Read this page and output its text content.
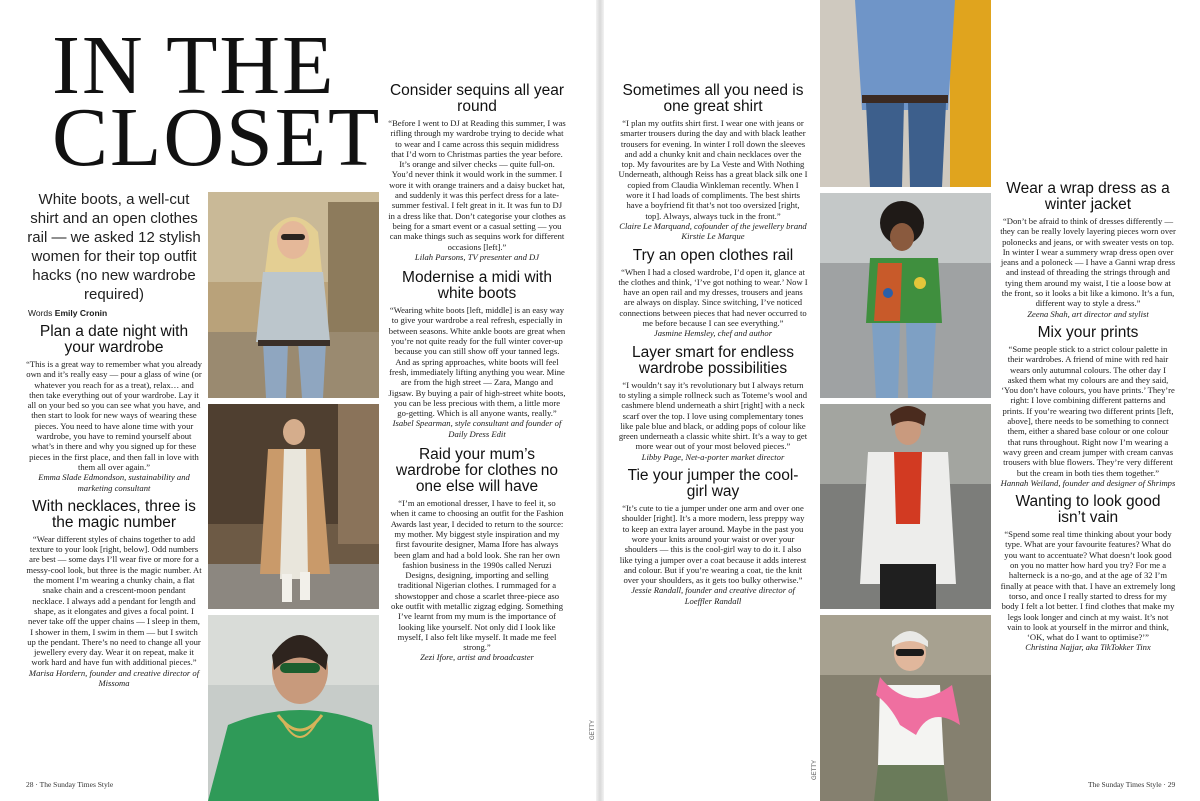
IN THE
CLOSET
White boots, a well-cut shirt and an open clothes rail — we asked 12 stylish women for their top outfit hacks (no new wardrobe required)
Words Emily Cronin
Plan a date night with your wardrobe

“This is a great way to remember what you already own and it’s really easy — pour a glass of wine (or whatever you reach for as a treat), relax… and then take everything out of your wardrobe. Lay it all on your bed so you can see what you have, and then start to look for new ways of wearing these pieces. You need to have alone time with your wardrobe, you have to remind yourself about what’s in there and why you signed up for these pieces in the first place, and then fall in love with them all over again.”

Emma Slade Edmondson, sustainability and marketing consultant

With necklaces, three is the magic number

“Wear different styles of chains together to add texture to your look [right, below]. Odd numbers are best — some days I’ll wear five or more for a messy-cool look, but three is the magic number. At the moment I’m wearing a chunky chain, a flat snake chain and a crescent-moon pendant necklace. I always add a pendant for length and shape, as it elongates and gives a focal point. I never take off the upper chains — I sleep in them, I shower in them, I swim in them — but I switch up the pendant. There’s no need to change all your jewellery every day. Wear it on repeat, make it work hard and have fun with additional pieces.”

Marisa Hordern, founder and creative director of Missoma

Consider sequins all year round

“Before I went to DJ at Reading this summer, I was rifling through my wardrobe trying to decide what to wear and I came across this sequin mididress that I’d worn to Christmas parties the year before. It’s orange and silver checks — quite full-on. You’d never think it would work in the summer. I wore it with orange trainers and a daisy bucket hat, and suddenly it was this perfect dress for a late-summer festival. I felt great in it. It was fun to DJ in a dress like that. Don’t categorise your clothes as being for a smart event or a casual setting — you can make things such as sequins work for different occasions [left].”

Lilah Parsons, TV presenter and DJ

Modernise a midi with white boots

“Wearing white boots [left, middle] is an easy way to give your wardrobe a real refresh, especially in between seasons. White ankle boots are great when you’re not quite ready for the full winter cover-up because you can still show off your tanned legs. And as spring approaches, white boots will feel fresh, immediately lifting anything you wear. Mine are from the high street — Zara, Mango and Jigsaw. By buying a pair of high-street white boots, you can be less precious with them, a little more go-getting. Which is all anyone wants, really.”

Isabel Spearman, style consultant and founder of Daily Dress Edit

Raid your mum’s wardrobe for clothes no one else will have

“I’m an emotional dresser, I have to feel it, so when it came to choosing an outfit for the Fashion Awards last year, I decided to return to the source: my mother. My biggest style inspiration and my first favourite designer, Mama Ifore has always been glam and had a bold look. She ran her own fashion business in the 1990s called Neruzi Designs, designing, importing and selling traditional Nigerian clothes. I rummaged for a showstopper and chose a scarlet three-piece aso oke outfit with metallic zigzag edging. Something I’ve learnt from my mum is the importance of looking like yourself. Not only did I look like myself, I also felt like myself. It made me feel strong.”

Zezi Ifore, artist and broadcaster

GETTY
Sometimes all you need is one great shirt

“I plan my outfits shirt first. I wear one with jeans or smarter trousers during the day and with black leather trousers for evening. In winter I roll down the sleeves and add a chunky knit and chain necklaces over the top. My favourites are by La Veste and With Nothing Underneath, although Reiss has a great black silk one I copied from Claudia Winkleman recently. When I wore it I had loads of compliments. The best shirts have a boyfriend fit that’s not too oversized [right, top]. Always, always tuck in the front.”

Claire Le Marquand, cofounder of the jewellery brand Kirstie Le Marque

Try an open clothes rail

“When I had a closed wardrobe, I’d open it, glance at the clothes and think, ‘I’ve got nothing to wear.’ Now I have an open rail and my dresses, trousers and jeans are always on display. Since switching, I’ve noticed connections between pieces that had never occurred to me before because I can see everything.”

Jasmine Hemsley, chef and author

Layer smart for endless wardrobe possibilities

“I wouldn’t say it’s revolutionary but I always return to styling a simple rollneck such as Toteme’s wool and cashmere blend underneath a shirt [right] with a neck scarf over the top. I love using complementary tones like pale blue and black, or adding pops of colour like green underneath a classic white shirt. It’s a way to get more wear out of your most beloved pieces.”

Libby Page, Net-a-porter market director

Tie your jumper the cool-girl way

“It’s cute to tie a jumper under one arm and over one shoulder [right]. It’s a more modern, less preppy way to keep an extra layer around. Maybe in the past you wore your knits around your waist or over your shoulders — this is the cool-girl way to do it. I also like tying a jumper over a coat because it adds interest and colour. But if you’re wearing a coat, tie the knit over your shoulders, as it gets too bulky otherwise.”

Jessie Randall, founder and creative director of Loeffler Randall

Wear a wrap dress as a winter jacket

“Don’t be afraid to think of dresses differently — they can be really lovely layering pieces worn over polonecks and jeans, or with sweater vests on top. In winter I wear a summery wrap dress open over jeans and a poloneck — I have a Ganni wrap dress and instead of threading the strings through and tying them around my waist, I tie a loose bow at the front, so it looks a bit like a kimono. It’s a fun, different way to style a dress.”

Zeena Shah, art director and stylist

Mix your prints

“Some people stick to a strict colour palette in their wardrobes. A friend of mine with red hair wears only autumnal colours. The other day I asked them what my colours are and they said, ‘You don’t have colours, you have prints.’ They’re right: I love combining different patterns and prints. If you’re wearing two different prints [left, above], there needs to be something to connect them, either a shared base colour or one colour that runs throughout. Right now I’m wearing a wavy green and cream jumper with cream canvas trousers with blue flowers. They’re very different but the cream in both ties them together.”

Hannah Weiland, founder and designer of Shrimps

Wanting to look good isn’t vain

“Spend some real time thinking about your body type. What are your favourite features? What do you want to accentuate? What doesn’t look good on you no matter how hard you try? For me a halterneck is a no-go, and at the age of 32 I’m finally at peace with that. I have an extremely long torso, and once I really started to dress for my body I felt a lot better. I find clothes that make my legs look longer and cinch at my waist. It’s not vain to look at yourself in the mirror and think, ‘OK, what do I want to optimise?’”

Christina Najjar, aka TikTokker Tinx

GETTY
28 · The Sunday Times Style	The Sunday Times Style · 29
